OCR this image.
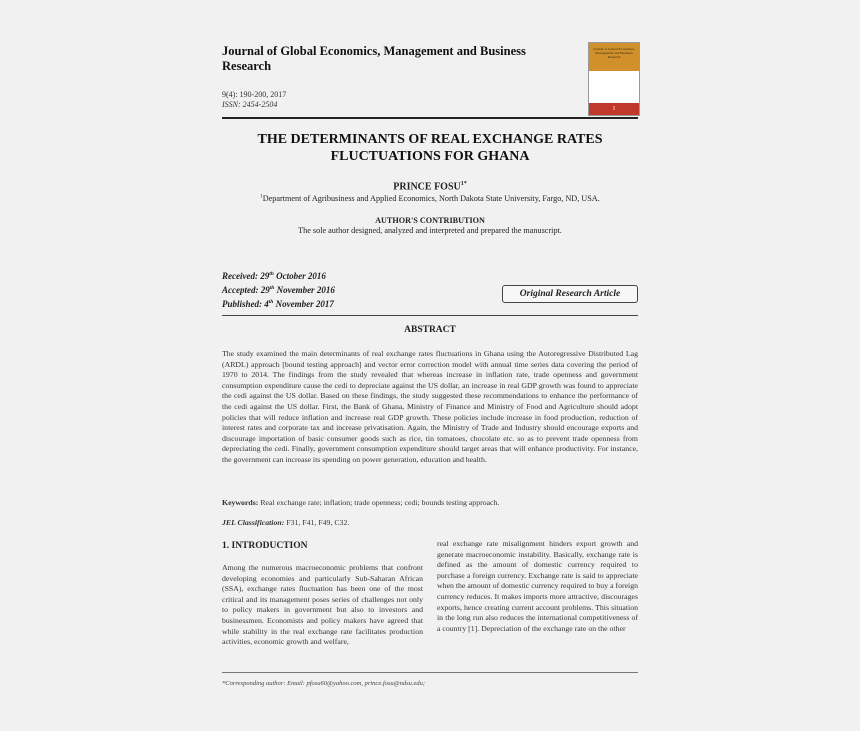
Journal of Global Economics, Management and Business Research
9(4): 190-200, 2017
ISSN: 2454-2504
Journal of Global Economics, Management and Business Research
I
THE DETERMINANTS OF REAL EXCHANGE RATES
FLUCTUATIONS FOR GHANA
PRINCE $FOSU^{1*}$
$^1$Department of Agribusiness and Applied Economics, North Dakota State University, Fargo, ND, USA.
AUTHOR'S CONTRIBUTION
The sole author designed, analyzed and interpreted and prepared the manuscript.
Received: 29th October 2016
Accepted: 29th November 2016
Published: 4th November 2017
Original Research Article
ABSTRACT
The study examined the main determinants of real exchange rates fluctuations in Ghana using the Autoregressive Distributed Lag (ARDL) approach [bound testing approach] and vector error correction model with annual time series data covering the period of 1970 to 2014. The findings from the study revealed that whereas increase in inflation rate, trade openness and government consumption expenditure cause the cedi to depreciate against the US dollar, an increase in real GDP growth was found to appreciate the cedi against the US dollar. Based on these findings, the study suggested these recommendations to enhance the performance of the cedi against the US dollar. First, the Bank of Ghana, Ministry of Finance and Ministry of Food and Agriculture should adopt policies that will reduce inflation and increase real GDP growth. These policies include increase in food production, reduction of interest rates and corporate tax and increase privatisation. Again, the Ministry of Trade and Industry should encourage exports and discourage importation of basic consumer goods such as rice, tin tomatoes, chocolate etc. so as to prevent trade openness from depreciating the cedi. Finally, government consumption expenditure should target areas that will enhance productivity. For instance, the government can increase its spending on power generation, education and health.
Keywords: Real exchange rate; inflation; trade openness; cedi; bounds testing approach.
JEL Classification: F31, F41, F49, C32.
1. INTRODUCTION
Among the numerous macroeconomic problems that confront developing economies and particularly Sub-Saharan African (SSA), exchange rates fluctuation has been one of the most critical and its management poses series of challenges not only to policy makers in government but also to investors and businessmen. Economists and policy makers have agreed that while stability in the real exchange rate facilitates production activities, economic growth and welfare,
real exchange rate misalignment hinders export growth and generate macroeconomic instability. Basically, exchange rate is defined as the amount of domestic currency required to purchase a foreign currency. Exchange rate is said to appreciate when the amount of domestic currency required to buy a foreign currency reduces. It makes imports more attractive, discourages exports, hence creating current account problems. This situation in the long run also reduces the international competitiveness of a country [1]. Depreciation of the exchange rate on the other
*Corresponding author: Email: pfosu60@yahoo.com, prince.fosu@ndsu.edu;
